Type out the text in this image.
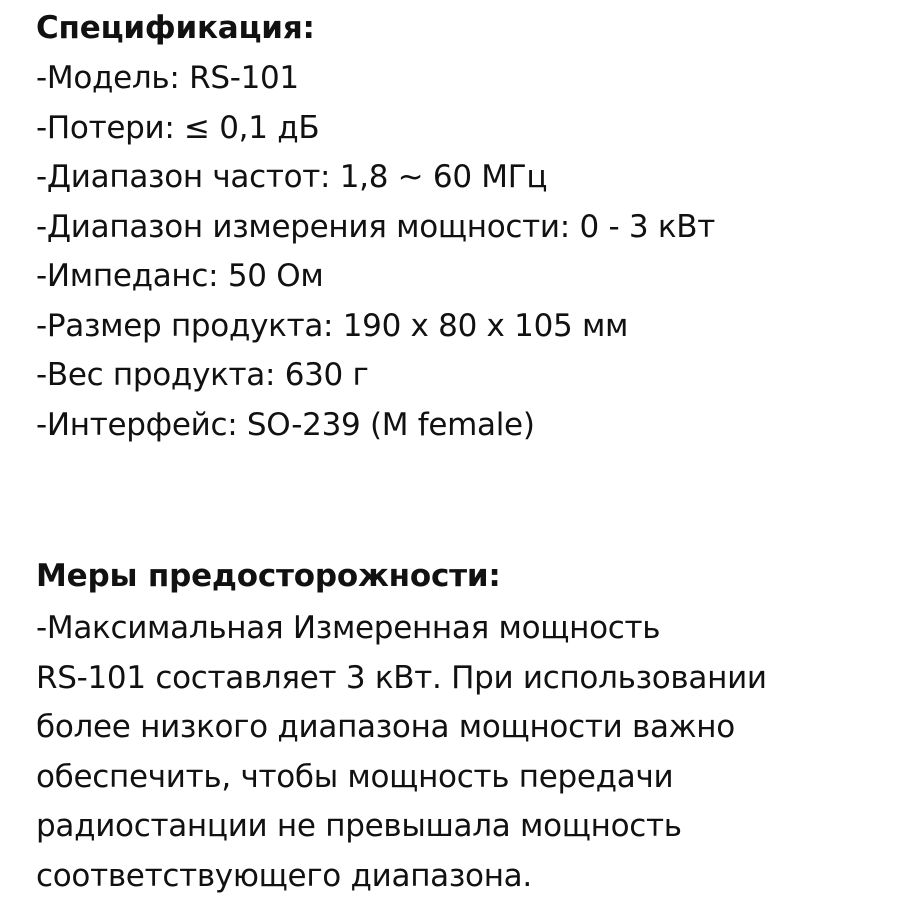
Спецификация:

-Модель: RS-101

-Потери: ≤ 0,1 дБ

-Диапазон частот: 1,8 ~ 60 МГц

-Диапазон измерения мощности: 0 - 3 кВт

-Импеданс: 50 Ом

-Размер продукта: 190 x 80 x 105 мм

-Вес продукта: 630 г

-Интерфейс: SO-239 (M female)

Меры предосторожности:

-Максимальная Измеренная мощность

RS-101 составляет 3 кВт. При использовании

более низкого диапазона мощности важно

обеспечить, чтобы мощность передачи

радиостанции не превышала мощность

соответствующего диапазона.
